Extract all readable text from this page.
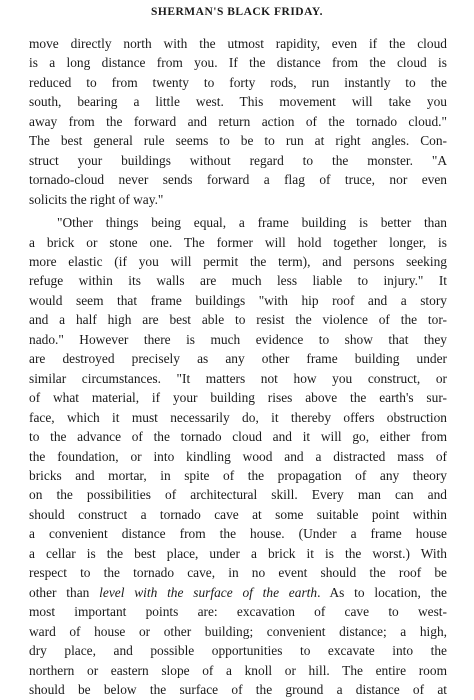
SHERMAN'S BLACK FRIDAY.
move directly north with the utmost rapidity, even if the cloud
is a long distance from you. If the distance from the cloud is
reduced to from twenty to forty rods, run instantly to the
south, bearing a little west. This movement will take you
away from the forward and return action of the tornado cloud."
The best general rule seems to be to run at right angles. Con-
struct your buildings without regard to the monster. "A
tornado-cloud never sends forward a flag of truce, nor even
solicits the right of way."
"Other things being equal, a frame building is better than
a brick or stone one. The former will hold together longer, is
more elastic (if you will permit the term), and persons seeking
refuge within its walls are much less liable to injury." It
would seem that frame buildings "with hip roof and a story
and a half high are best able to resist the violence of the tor-
nado." However there is much evidence to show that they
are destroyed precisely as any other frame building under
similar circumstances. "It matters not how you construct, or
of what material, if your building rises above the earth's sur-
face, which it must necessarily do, it thereby offers obstruction
to the advance of the tornado cloud and it will go, either from
the foundation, or into kindling wood and a distracted mass of
bricks and mortar, in spite of the propagation of any theory
on the possibilities of architectural skill. Every man can and
should construct a tornado cave at some suitable point within
a convenient distance from the house. (Under a frame house
a cellar is the best place, under a brick it is the worst.) With
respect to the tornado cave, in no event should the roof be
other than level with the surface of the earth. As to location, the
most important points are: excavation of cave to west-
ward of house or other building; convenient distance; a high,
dry place, and possible opportunities to excavate into the
northern or eastern slope of a knoll or hill. The entire room
should be below the surface of the ground a distance of at
